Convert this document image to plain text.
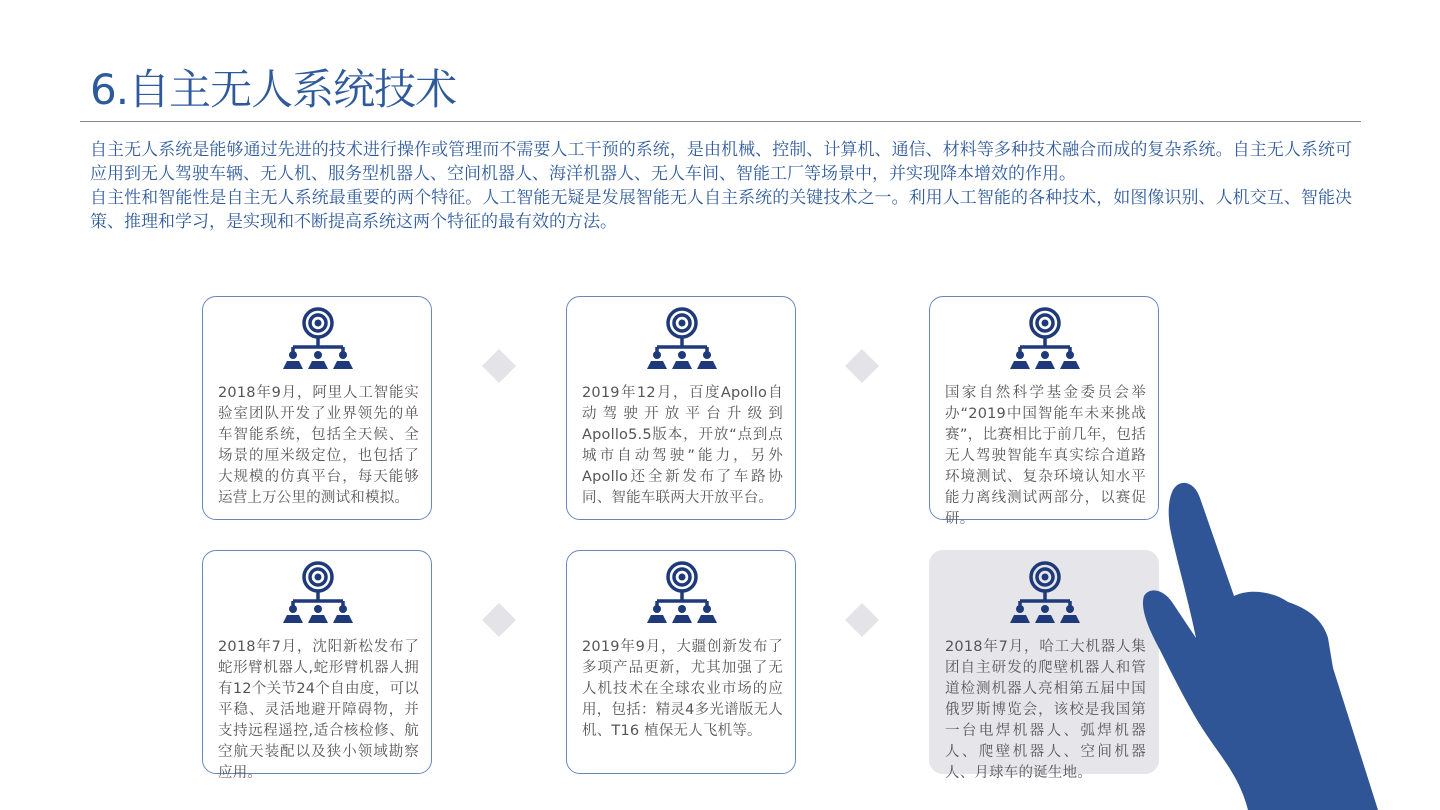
6.自主无人系统技术

自主无人系统是能够通过先进的技术进行操作或管理而不需要人工干预的系统，是由机械、控制、计算机、通信、材料等多种技术融合而成的复杂系统。自主无人系统可应用到无人驾驶车辆、无人机、服务型机器人、空间机器人、海洋机器人、无人车间、智能工厂等场景中，并实现降本增效的作用。

自主性和智能性是自主无人系统最重要的两个特征。人工智能无疑是发展智能无人自主系统的关键技术之一。利用人工智能的各种技术，如图像识别、人机交互、智能决策、推理和学习，是实现和不断提高系统这两个特征的最有效的方法。

2018年9月，阿里人工智能实验室团队开发了业界领先的单车智能系统，包括全天候、全场景的厘米级定位，也包括了大规模的仿真平台，每天能够运营上万公里的测试和模拟。
2019年12月，百度Apollo自动驾驶开放平台升级到Apollo5.5版本，开放“点到点城市自动驾驶”能力，另外Apollo还全新发布了车路协同、智能车联两大开放平台。
国家自然科学基金委员会举办“2019中国智能车未来挑战赛”，比赛相比于前几年，包括无人驾驶智能车真实综合道路环境测试、复杂环境认知水平能力离线测试两部分，以赛促研。
2018年7月，沈阳新松发布了蛇形臂机器人,蛇形臂机器人拥有12个关节24个自由度，可以平稳、灵活地避开障碍物，并支持远程遥控,适合核检修、航空航天装配以及狭小领域勘察应用。
2019年9月，大疆创新发布了多项产品更新，尤其加强了无人机技术在全球农业市场的应用，包括：精灵4多光谱版无人机、T16 植保无人飞机等。
2018年7月，哈工大机器人集团自主研发的爬壁机器人和管道检测机器人亮相第五届中国俄罗斯博览会，该校是我国第一台电焊机器人、弧焊机器人、爬壁机器人、空间机器人、月球车的诞生地。
